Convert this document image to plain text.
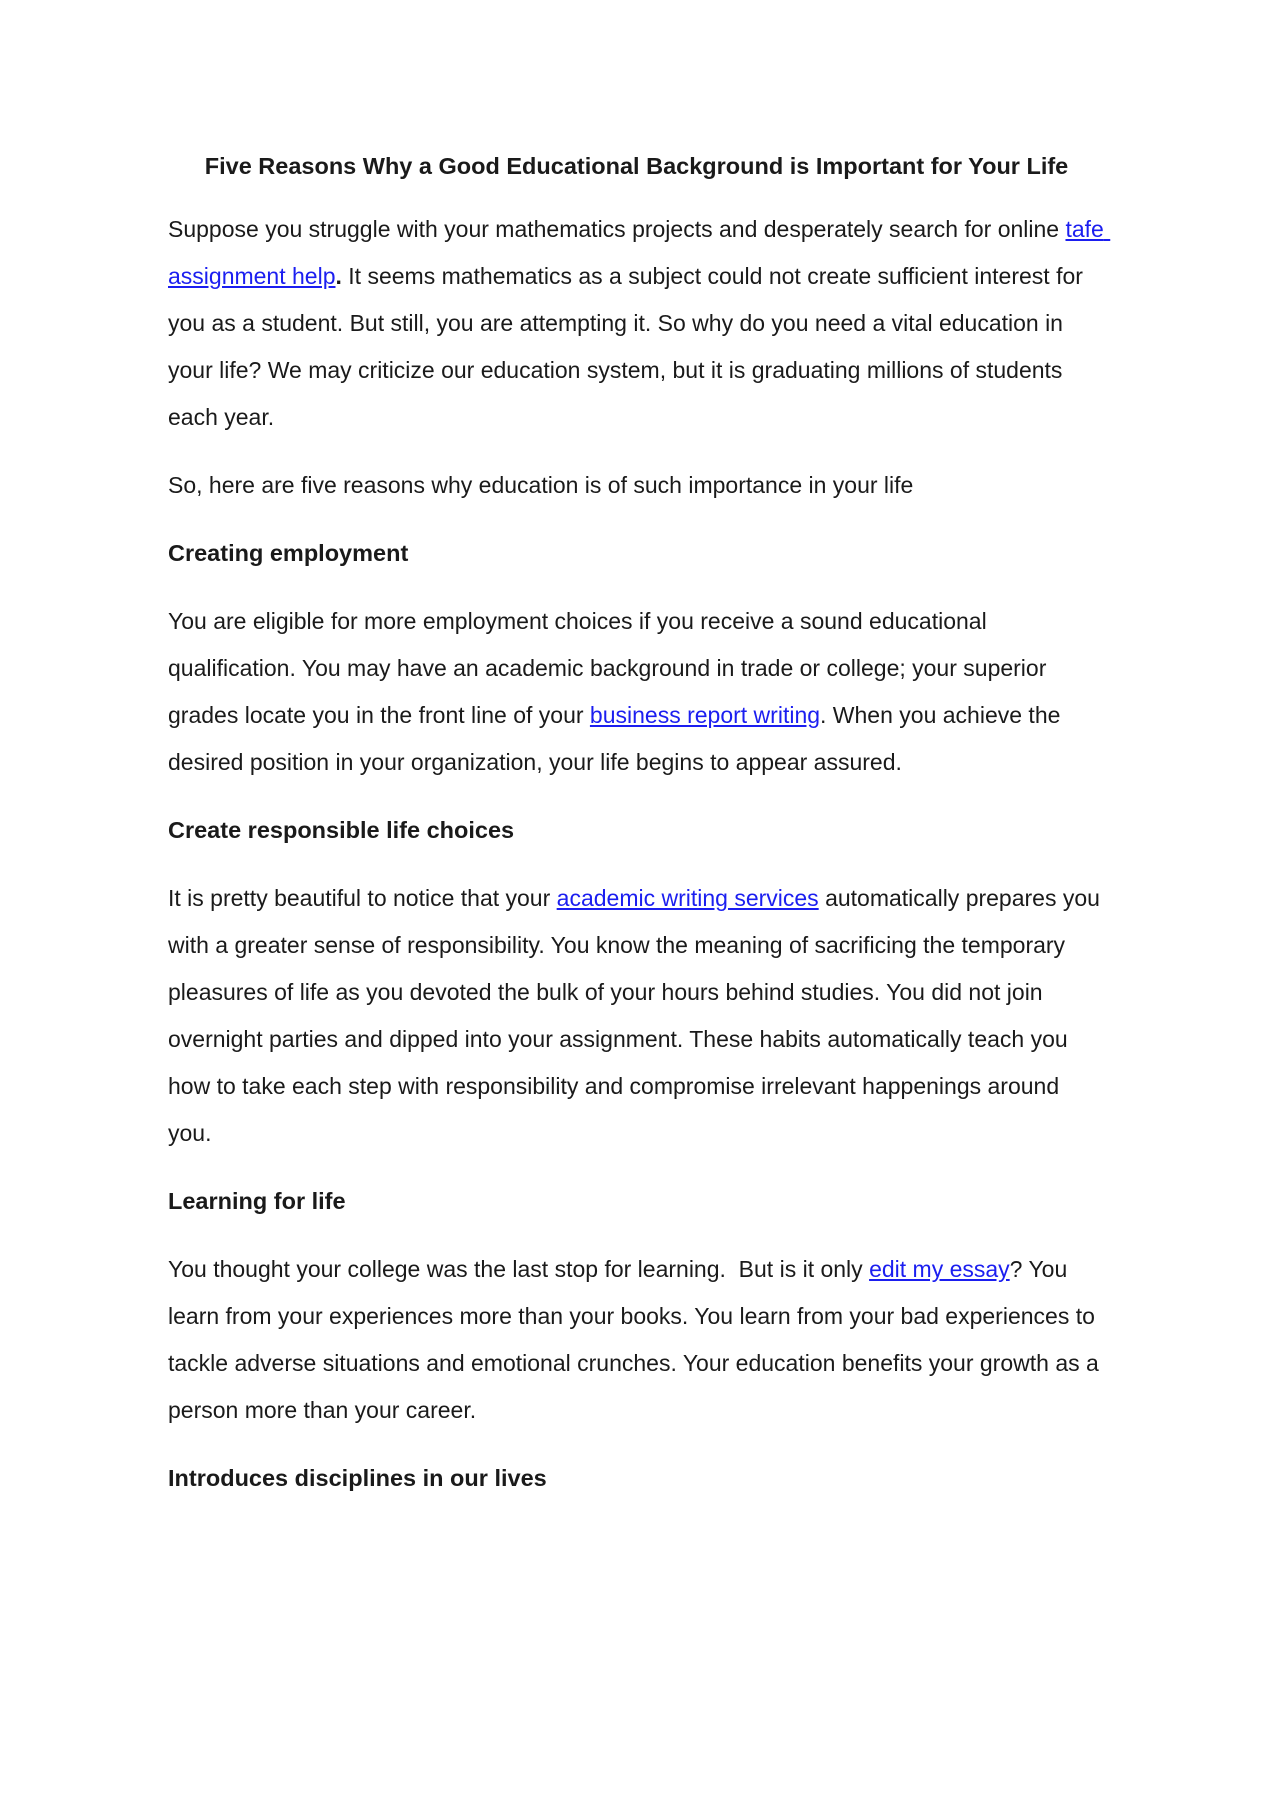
Five Reasons Why a Good Educational Background is Important for Your Life

Suppose you struggle with your mathematics projects and desperately search for online tafe assignment help. It seems mathematics as a subject could not create sufficient interest for you as a student. But still, you are attempting it. So why do you need a vital education in your life? We may criticize our education system, but it is graduating millions of students each year.

So, here are five reasons why education is of such importance in your life

Creating employment

You are eligible for more employment choices if you receive a sound educational qualification. You may have an academic background in trade or college; your superior grades locate you in the front line of your business report writing. When you achieve the desired position in your organization, your life begins to appear assured.

Create responsible life choices

It is pretty beautiful to notice that your academic writing services automatically prepares you with a greater sense of responsibility. You know the meaning of sacrificing the temporary pleasures of life as you devoted the bulk of your hours behind studies. You did not join overnight parties and dipped into your assignment. These habits automatically teach you how to take each step with responsibility and compromise irrelevant happenings around you.

Learning for life

You thought your college was the last stop for learning.  But is it only edit my essay? You learn from your experiences more than your books. You learn from your bad experiences to tackle adverse situations and emotional crunches. Your education benefits your growth as a person more than your career.

Introduces disciplines in our lives
